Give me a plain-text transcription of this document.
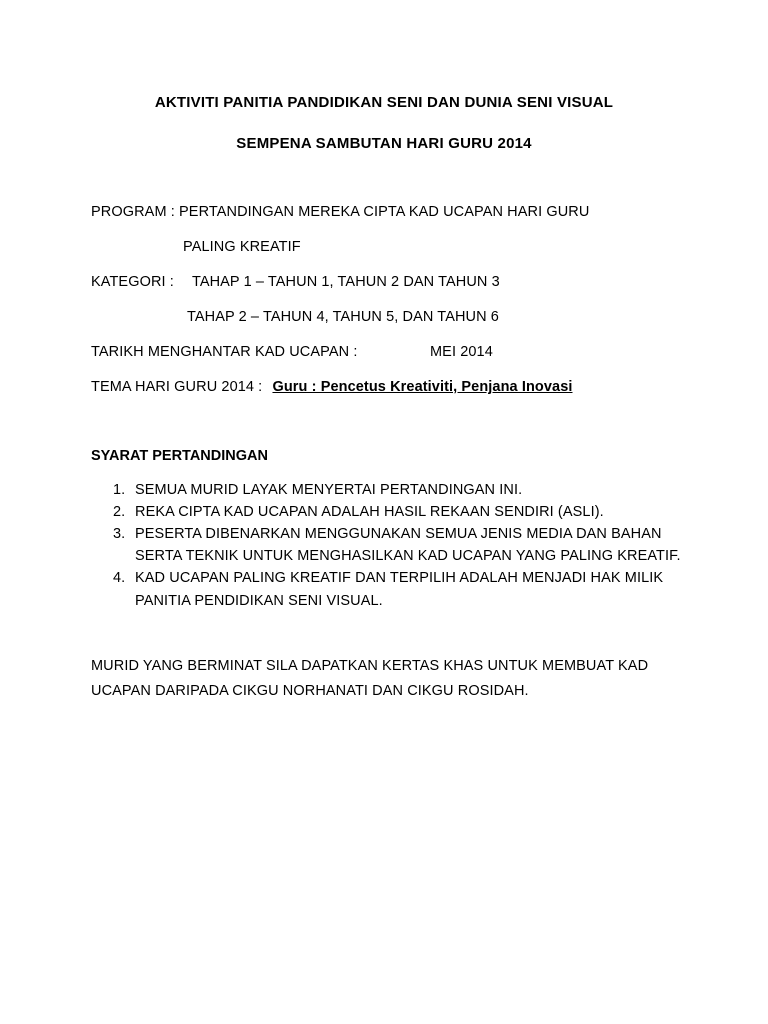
AKTIVITI PANITIA PANDIDIKAN SENI DAN DUNIA SENI VISUAL
SEMPENA SAMBUTAN HARI GURU 2014
PROGRAM : PERTANDINGAN MEREKA CIPTA KAD UCAPAN HARI GURU
PALING KREATIF
KATEGORI : TAHAP 1 – TAHUN 1, TAHUN 2 DAN TAHUN 3
TAHAP 2 – TAHUN 4, TAHUN 5, DAN TAHUN 6
TARIKH MENGHANTAR KAD UCAPAN :	MEI 2014
TEMA HARI GURU 2014 : Guru : Pencetus Kreativiti, Penjana Inovasi
SYARAT PERTANDINGAN
1. SEMUA MURID LAYAK MENYERTAI PERTANDINGAN INI.
2. REKA CIPTA KAD UCAPAN ADALAH HASIL REKAAN SENDIRI (ASLI).
3. PESERTA DIBENARKAN MENGGUNAKAN SEMUA JENIS MEDIA DAN BAHAN
SERTA TEKNIK UNTUK MENGHASILKAN KAD UCAPAN YANG PALING KREATIF.
4. KAD UCAPAN PALING KREATIF DAN TERPILIH ADALAH MENJADI HAK MILIK
PANITIA PENDIDIKAN SENI VISUAL.
MURID YANG BERMINAT SILA DAPATKAN KERTAS KHAS UNTUK MEMBUAT KAD
UCAPAN DARIPADA CIKGU NORHANATI DAN CIKGU ROSIDAH.
